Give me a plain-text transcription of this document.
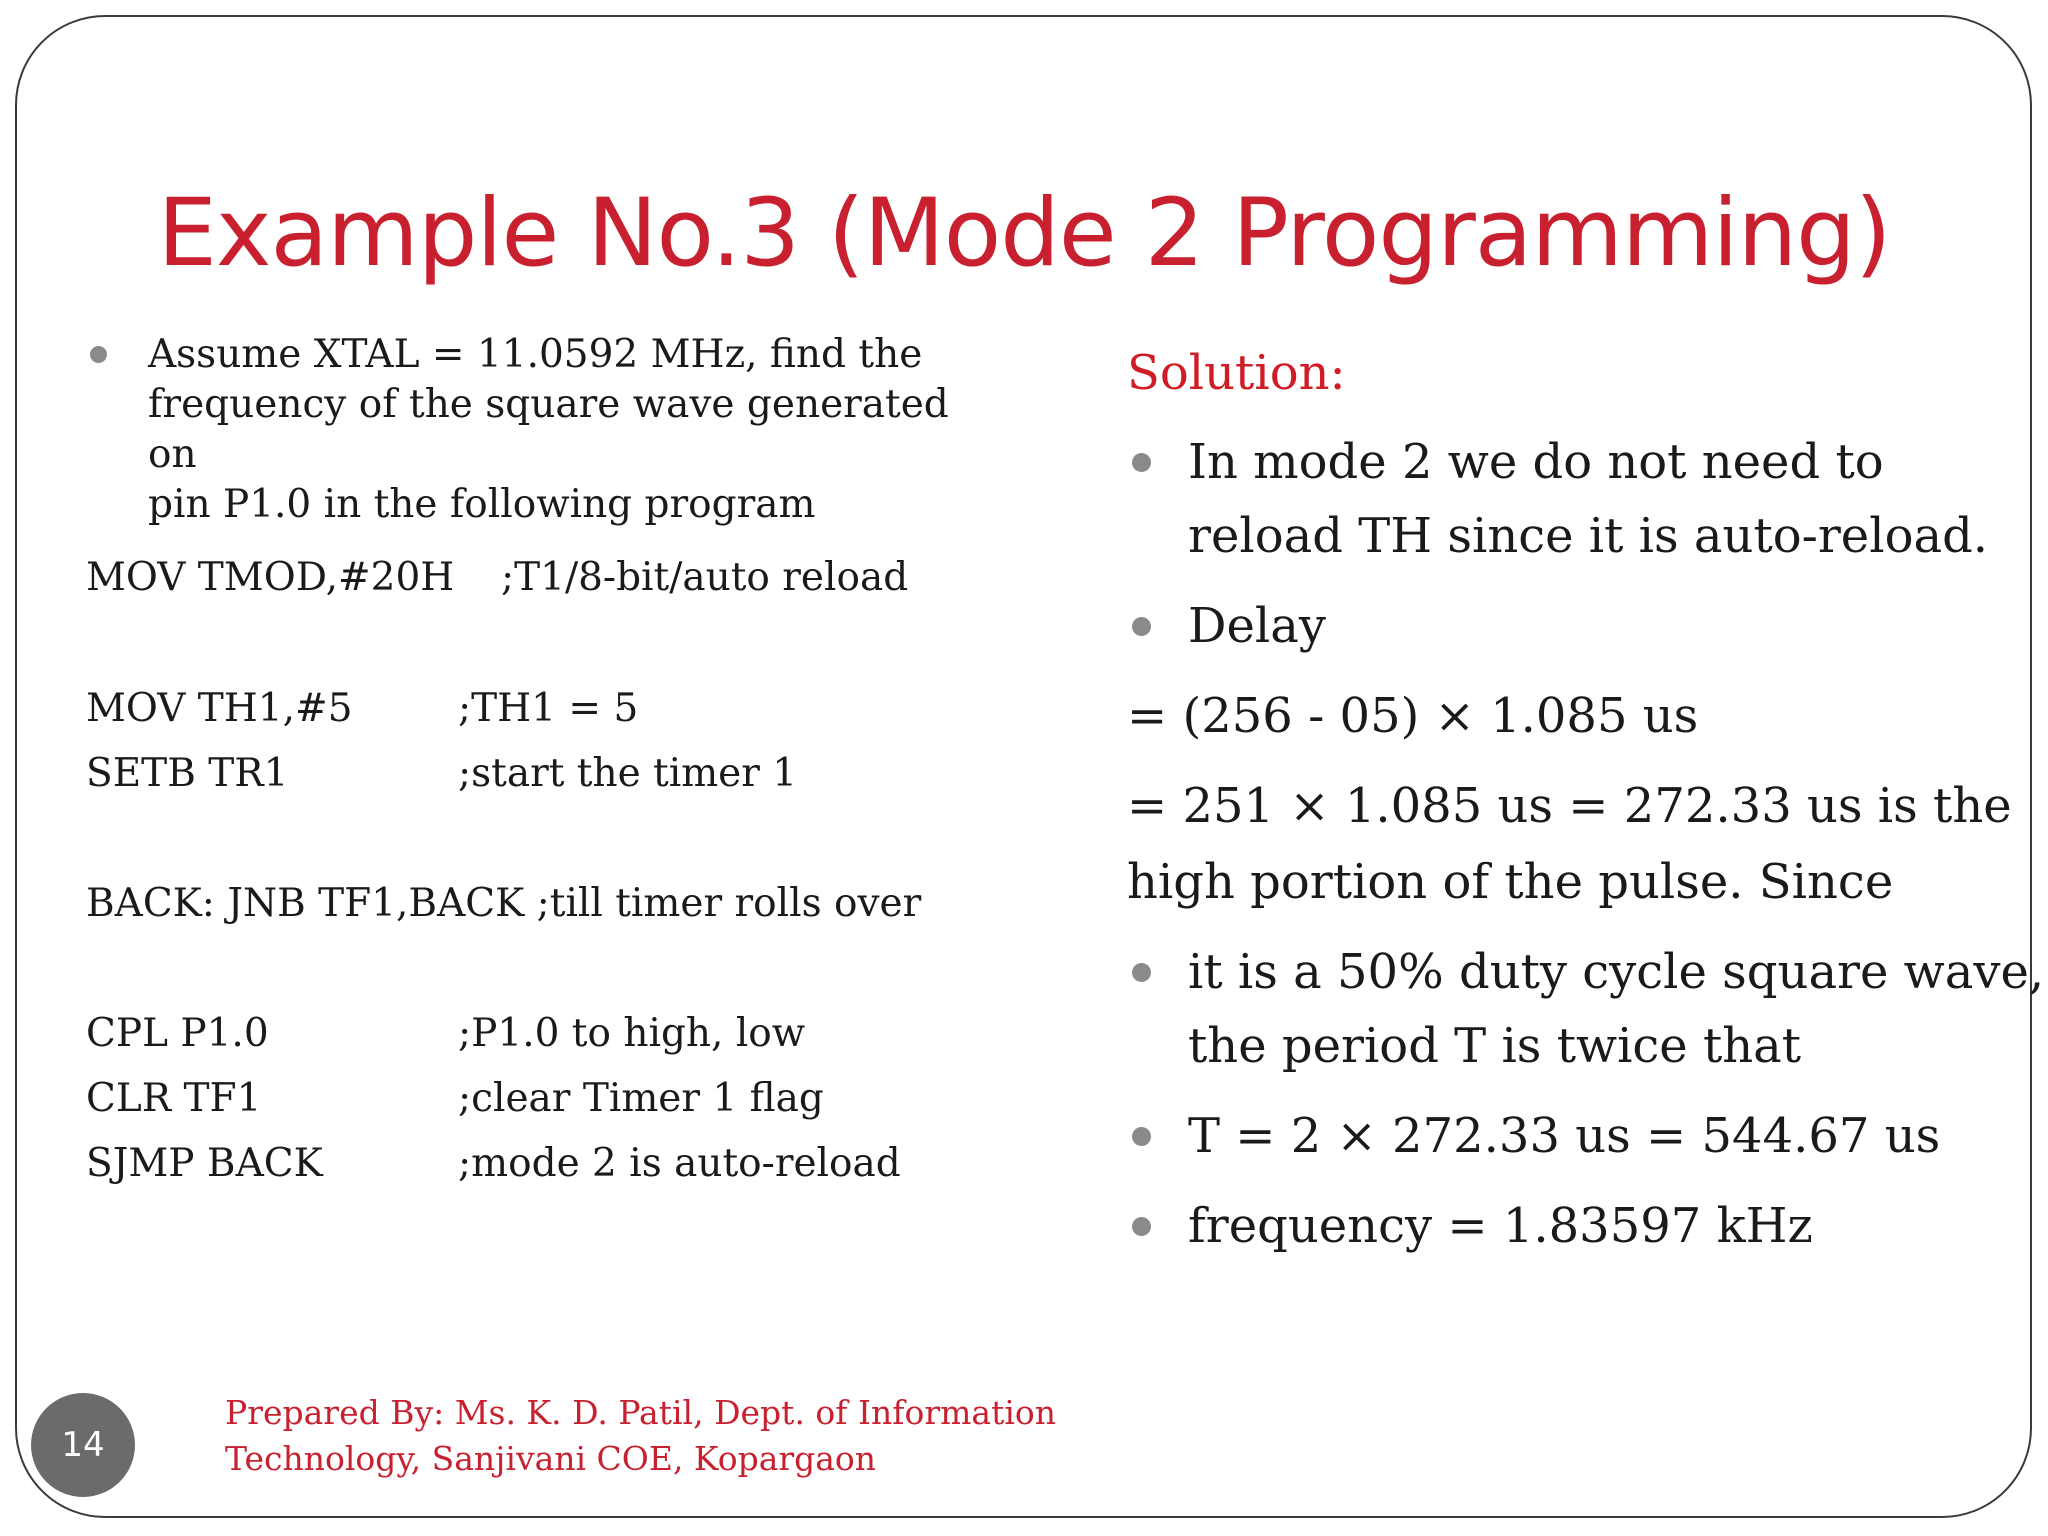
Example No.3 (Mode 2 Programming)
Assume XTAL = 11.0592 MHz, find the
frequency of the square wave generated on
pin P1.0 in the following program
MOV TMOD,#20H ;T1/8-bit/auto reload
MOV TH1,#5	;TH1 = 5
SETB TR1	;start the timer 1
BACK: JNB TF1,BACK ;till timer rolls over
CPL P1.0	;P1.0 to high, low
CLR TF1	;clear Timer 1 flag
SJMP BACK	;mode 2 is auto-reload
Solution:
In mode 2 we do not need to
reload TH since it is auto-reload.
Delay
= (256 - 05) × 1.085 us
= 251 × 1.085 us = 272.33 us is the
high portion of the pulse. Since
it is a 50% duty cycle square wave,
the period T is twice that
T = 2 × 272.33 us = 544.67 us
frequency = 1.83597 kHz
14
Prepared By: Ms. K. D. Patil, Dept. of Information
Technology, Sanjivani COE, Kopargaon
